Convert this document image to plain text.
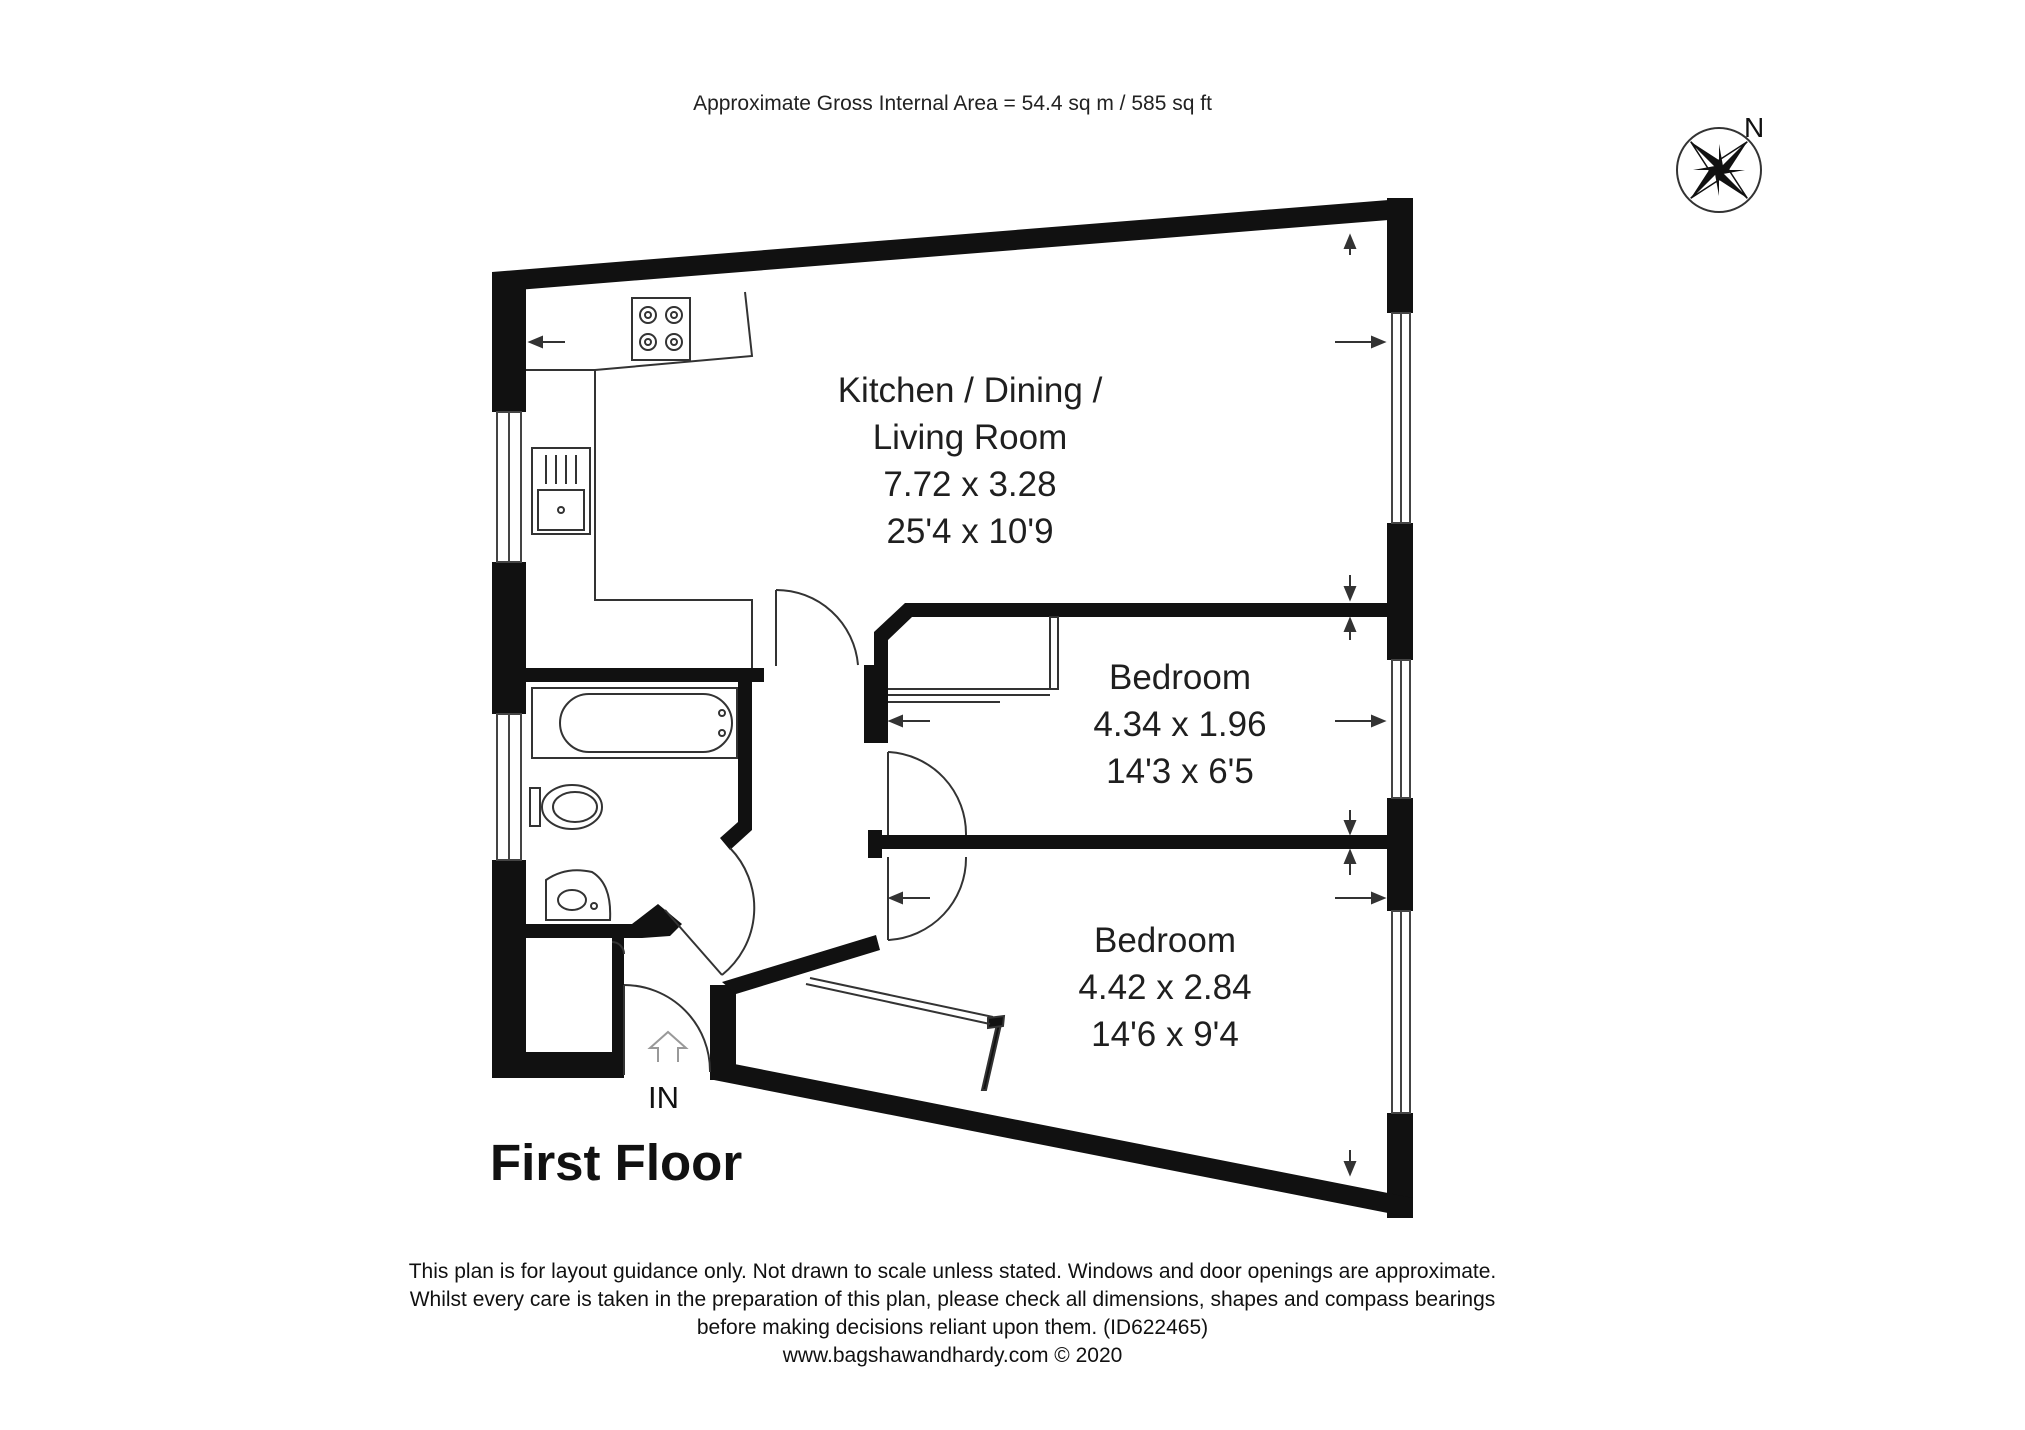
Approximate Gross Internal Area = 54.4 sq m / 585 sq ft
N
Kitchen / Dining /
Living Room
7.72 x 3.28
25'4 x 10'9
Bedroom
4.34 x 1.96
14'3 x 6'5
Bedroom
4.42 x 2.84
14'6 x 9'4
IN
First Floor
This plan is for layout guidance only. Not drawn to scale unless stated. Windows and door openings are approximate.
Whilst every care is taken in the preparation of this plan, please check all dimensions, shapes and compass bearings
before making decisions reliant upon them. (ID622465)
www.bagshawandhardy.com © 2020
